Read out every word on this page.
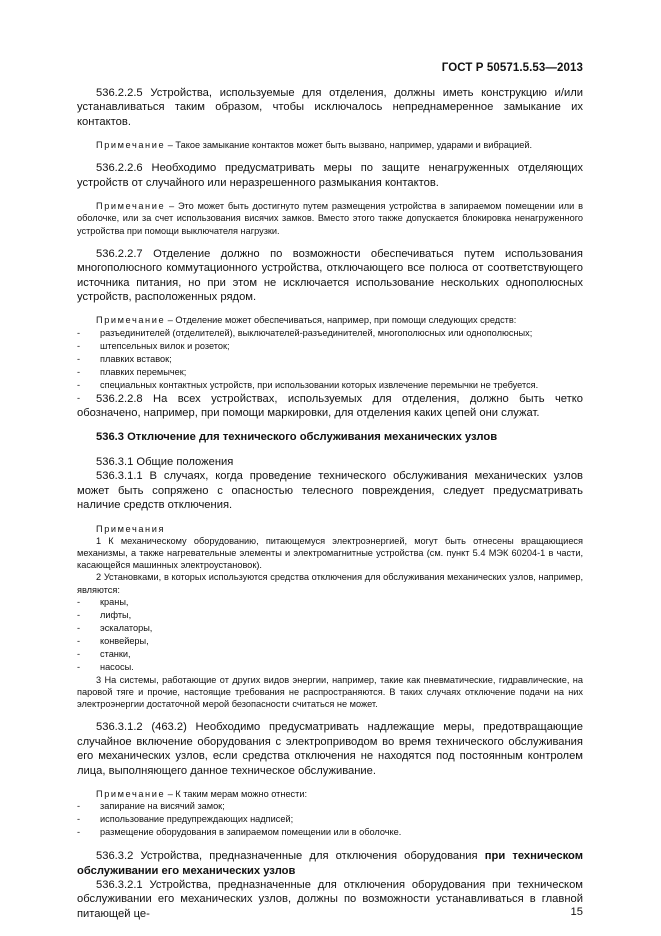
ГОСТ Р 50571.5.53—2013

536.2.2.5 Устройства, используемые для отделения, должны иметь конструкцию и/или устанавливаться таким образом, чтобы исключалось непреднамеренное замыкание их контактов.

Примечание – Такое замыкание контактов может быть вызвано, например, ударами и вибрацией.

536.2.2.6 Необходимо предусматривать меры по защите ненагруженных отделяющих устройств от случайного или неразрешенного размыкания контактов.

Примечание – Это может быть достигнуто путем размещения устройства в запираемом помещении или в оболочке, или за счет использования висячих замков. Вместо этого также допускается блокировка ненагруженного устройства при помощи выключателя нагрузки.

536.2.2.7 Отделение должно по возможности обеспечиваться путем использования многополюсного коммутационного устройства, отключающего все полюса от соответствующего источника питания, но при этом не исключается использование нескольких однополюсных устройств, расположенных рядом.

Примечание – Отделение может обеспечиваться, например, при помощи следующих средств:

- разъединителей (отделителей), выключателей-разъединителей, многополюсных или однополюсных;
- штепсельных вилок и розеток;
- плавких вставок;
- плавких перемычек;
- специальных контактных устройств, при использовании которых извлечение перемычки не требуется.
-	536.2.2.8 На всех устройствах, используемых для отделения, должно быть четко обозначено, например, при помощи маркировки, для отделения каких цепей они служат.

536.3 Отключение для технического обслуживания механических узлов

536.3.1 Общие положения

536.3.1.1 В случаях, когда проведение технического обслуживания механических узлов может быть сопряжено с опасностью телесного повреждения, следует предусматривать наличие средств отключения.

Примечания

1 К механическому оборудованию, питающемуся электроэнергией, могут быть отнесены вращающиеся механизмы, а также нагревательные элементы и электромагнитные устройства (см. пункт 5.4 МЭК 60204-1 в части, касающейся машинных электроустановок).

2 Установками, в которых используются средства отключения для обслуживания механических узлов, например, являются:

- краны,
- лифты,
- эскалаторы,
- конвейеры,
- станки,
- насосы.

3 На системы, работающие от других видов энергии, например, такие как пневматические, гидравлические, на паровой тяге и прочие, настоящие требования не распространяются. В таких случаях отключение подачи на них электроэнергии достаточной мерой безопасности считаться не может.

536.3.1.2 (463.2) Необходимо предусматривать надлежащие меры, предотвращающие случайное включение оборудования с электроприводом во время технического обслуживания его механических узлов, если средства отключения не находятся под постоянным контролем лица, выполняющего данное техническое обслуживание.

Примечание – К таким мерам можно отнести:

- запирание на висячий замок;
- использование предупреждающих надписей;
- размещение оборудования в запираемом помещении или в оболочке.

536.3.2 Устройства, предназначенные для отключения оборудования при техническом обслуживании его механических узлов

536.3.2.1 Устройства, предназначенные для отключения оборудования при техническом обслуживании его механических узлов, должны по возможности устанавливаться в главной питающей це-	15
